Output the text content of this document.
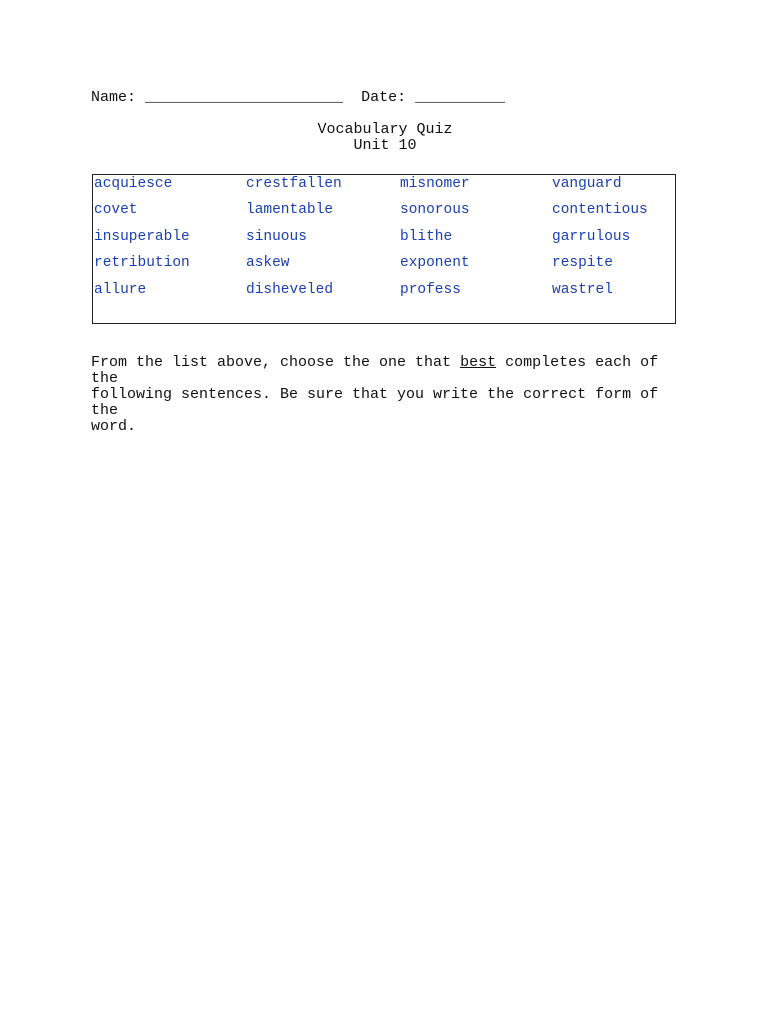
Name: ______________________ Date: __________
Vocabulary Quiz
Unit 10
acquiesce	crestfallen	misnomer	vanguard
covet	lamentable	sonorous	contentious
insuperable	sinuous	blithe	garrulous
retribution	askew	exponent	respite
allure	disheveled	profess	wastrel
From the list above, choose the one that best completes each of the
following sentences. Be sure that you write the correct form of the
word.
